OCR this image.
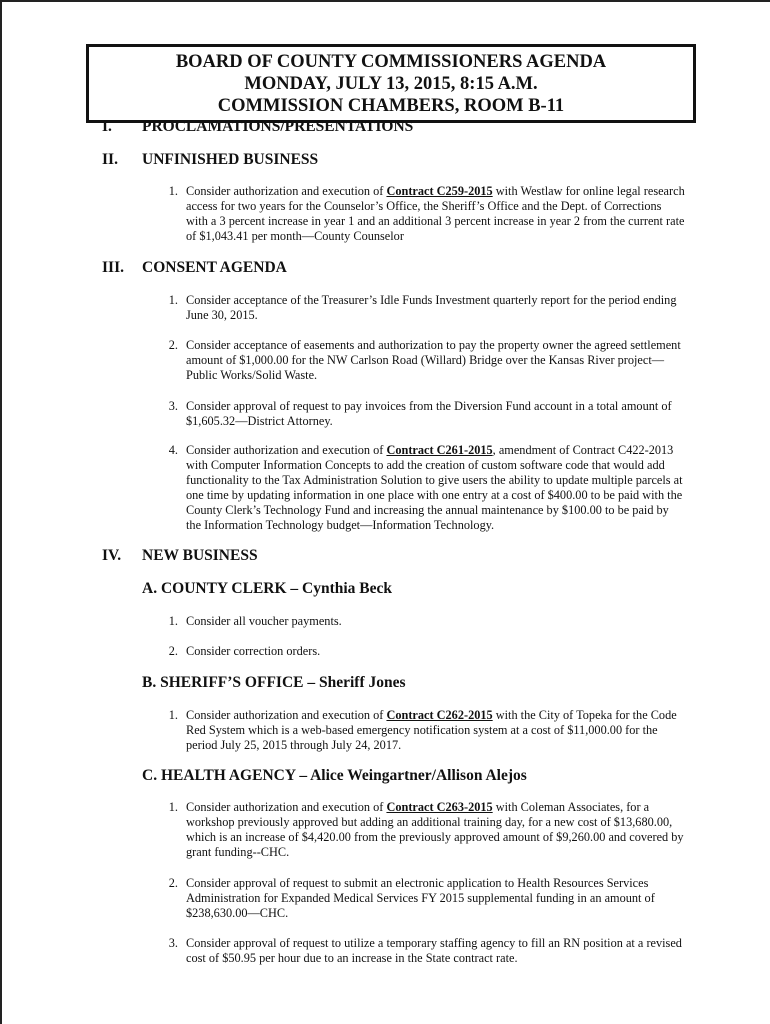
BOARD OF COUNTY COMMISSIONERS AGENDA
MONDAY, JULY 13, 2015, 8:15 A.M.
COMMISSION CHAMBERS, ROOM B-11
I. PROCLAMATIONS/PRESENTATIONS
II. UNFINISHED BUSINESS
1. Consider authorization and execution of Contract C259-2015 with Westlaw for online legal research access for two years for the Counselor’s Office, the Sheriff’s Office and the Dept. of Corrections with a 3 percent increase in year 1 and an additional 3 percent increase in year 2 from the current rate of $1,043.41 per month—County Counselor
III. CONSENT AGENDA
1. Consider acceptance of the Treasurer’s Idle Funds Investment quarterly report for the period ending June 30, 2015.
2. Consider acceptance of easements and authorization to pay the property owner the agreed settlement amount of $1,000.00 for the NW Carlson Road (Willard) Bridge over the Kansas River project—Public Works/Solid Waste.
3. Consider approval of request to pay invoices from the Diversion Fund account in a total amount of $1,605.32—District Attorney.
4. Consider authorization and execution of Contract C261-2015, amendment of Contract C422-2013 with Computer Information Concepts to add the creation of custom software code that would add functionality to the Tax Administration Solution to give users the ability to update multiple parcels at one time by updating information in one place with one entry at a cost of $400.00 to be paid with the County Clerk’s Technology Fund and increasing the annual maintenance by $100.00 to be paid by the Information Technology budget—Information Technology.
IV. NEW BUSINESS
A. COUNTY CLERK – Cynthia Beck
1. Consider all voucher payments.
2. Consider correction orders.
B. SHERIFF’S OFFICE – Sheriff Jones
1. Consider authorization and execution of Contract C262-2015 with the City of Topeka for the Code Red System which is a web-based emergency notification system at a cost of $11,000.00 for the period July 25, 2015 through July 24, 2017.
C. HEALTH AGENCY – Alice Weingartner/Allison Alejos
1. Consider authorization and execution of Contract C263-2015 with Coleman Associates, for a workshop previously approved but adding an additional training day, for a new cost of $13,680.00, which is an increase of $4,420.00 from the previously approved amount of $9,260.00 and covered by grant funding--CHC.
2. Consider approval of request to submit an electronic application to Health Resources Services Administration for Expanded Medical Services FY 2015 supplemental funding in an amount of $238,630.00—CHC.
3. Consider approval of request to utilize a temporary staffing agency to fill an RN position at a revised cost of $50.95 per hour due to an increase in the State contract rate.
